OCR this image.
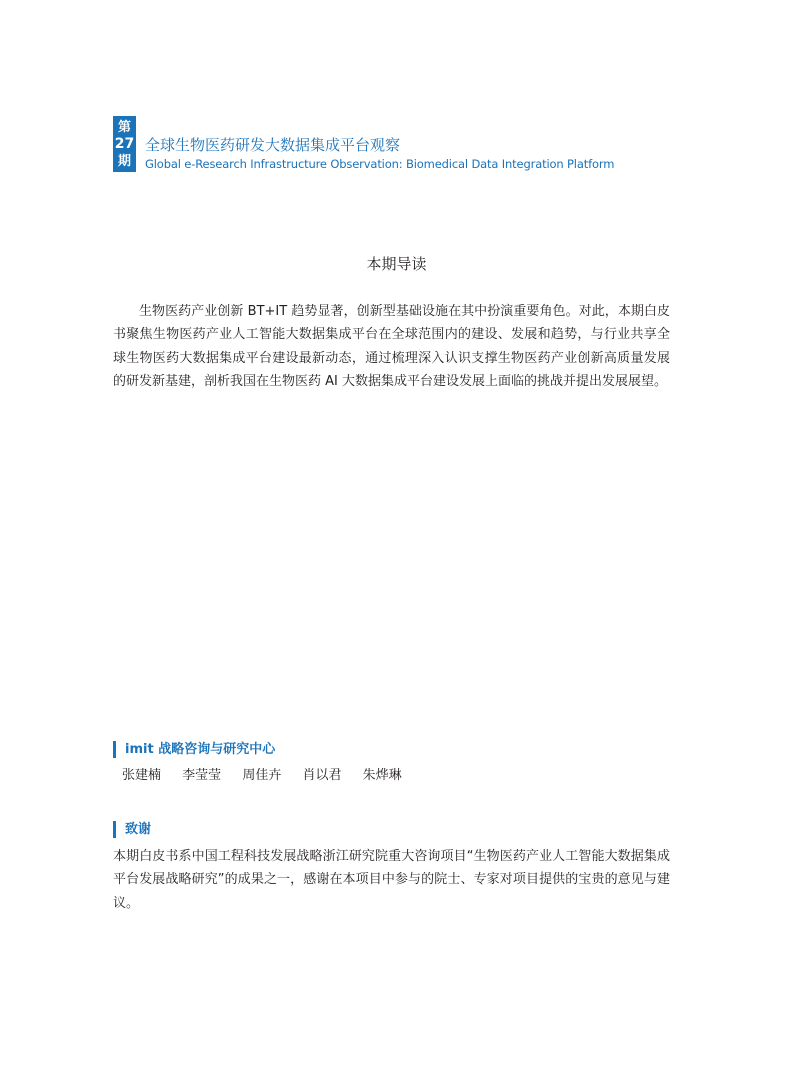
第
27
期
全球生物医药研发大数据集成平台观察
Global e-Research Infrastructure Observation: Biomedical Data Integration Platform
本期导读

生物医药产业创新 BT+IT 趋势显著，创新型基础设施在其中扮演重要角色。对此，本期白皮书聚焦生物医药产业人工智能大数据集成平台在全球范围内的建设、发展和趋势，与行业共享全球生物医药大数据集成平台建设最新动态，通过梳理深入认识支撑生物医药产业创新高质量发展的研发新基建，剖析我国在生物医药 AI 大数据集成平台建设发展上面临的挑战并提出发展展望。

imit 战略咨询与研究中心
张建楠 李莹莹 周佳卉 肖以君 朱烨琳
致谢

本期白皮书系中国工程科技发展战略浙江研究院重大咨询项目“生物医药产业人工智能大数据集成平台发展战略研究”的成果之一，感谢在本项目中参与的院士、专家对项目提供的宝贵的意见与建议。
